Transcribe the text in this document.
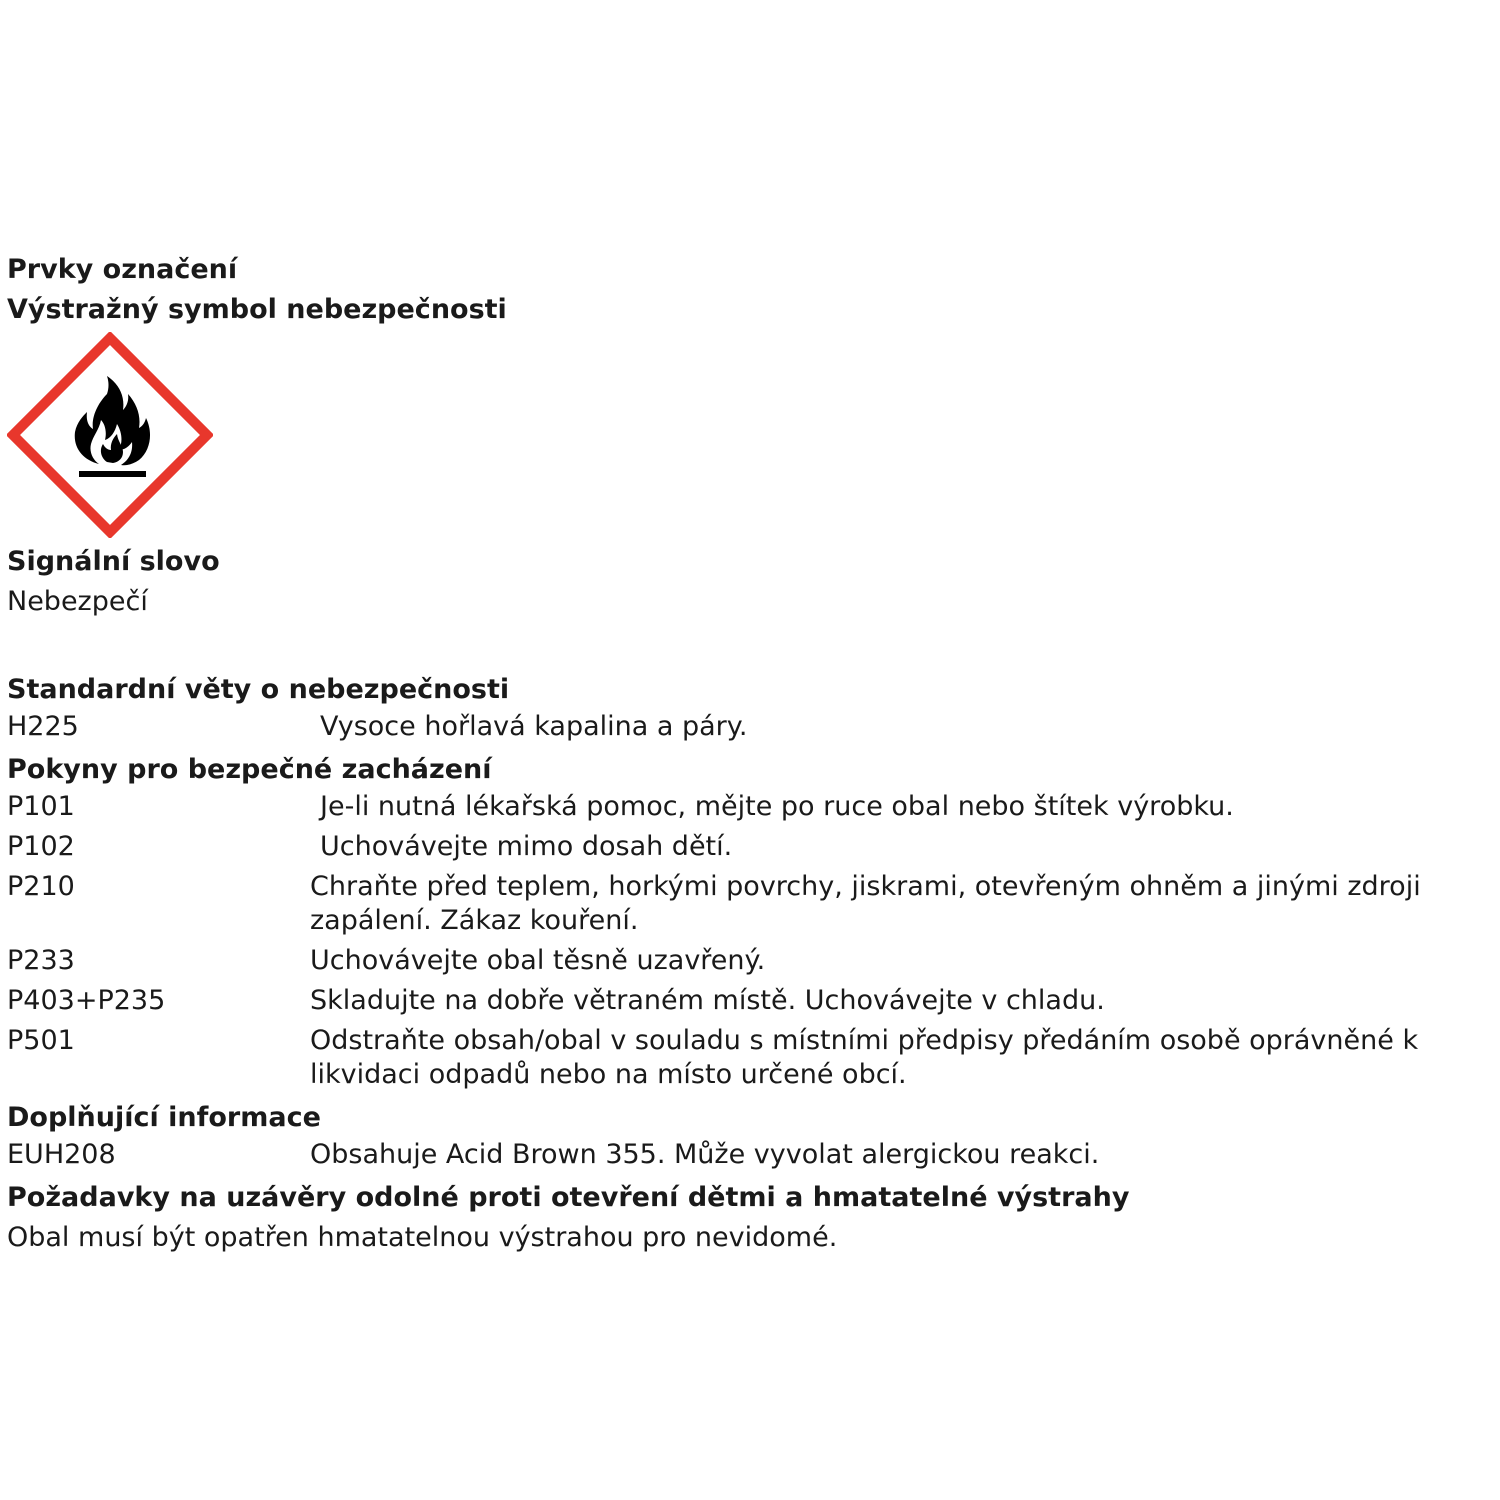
Prvky označení

Výstražný symbol nebezpečnosti

Signální slovo

Nebezpečí

Standardní věty o nebezpečnosti

H225	Vysoce hořlavá kapalina a páry.

Pokyny pro bezpečné zacházení

P101	Je-li nutná lékařská pomoc, mějte po ruce obal nebo štítek výrobku.
P102	Uchovávejte mimo dosah dětí.
P210	Chraňte před teplem, horkými povrchy, jiskrami, otevřeným ohněm a jinými zdroji zapálení. Zákaz kouření.
P233	Uchovávejte obal těsně uzavřený.
P403+P235	Skladujte na dobře větraném místě. Uchovávejte v chladu.
P501	Odstraňte obsah/obal v souladu s místními předpisy předáním osobě oprávněné k likvidaci odpadů nebo na místo určené obcí.

Doplňující informace

EUH208	Obsahuje Acid Brown 355. Může vyvolat alergickou reakci.

Požadavky na uzávěry odolné proti otevření dětmi a hmatatelné výstrahy

Obal musí být opatřen hmatatelnou výstrahou pro nevidomé.
